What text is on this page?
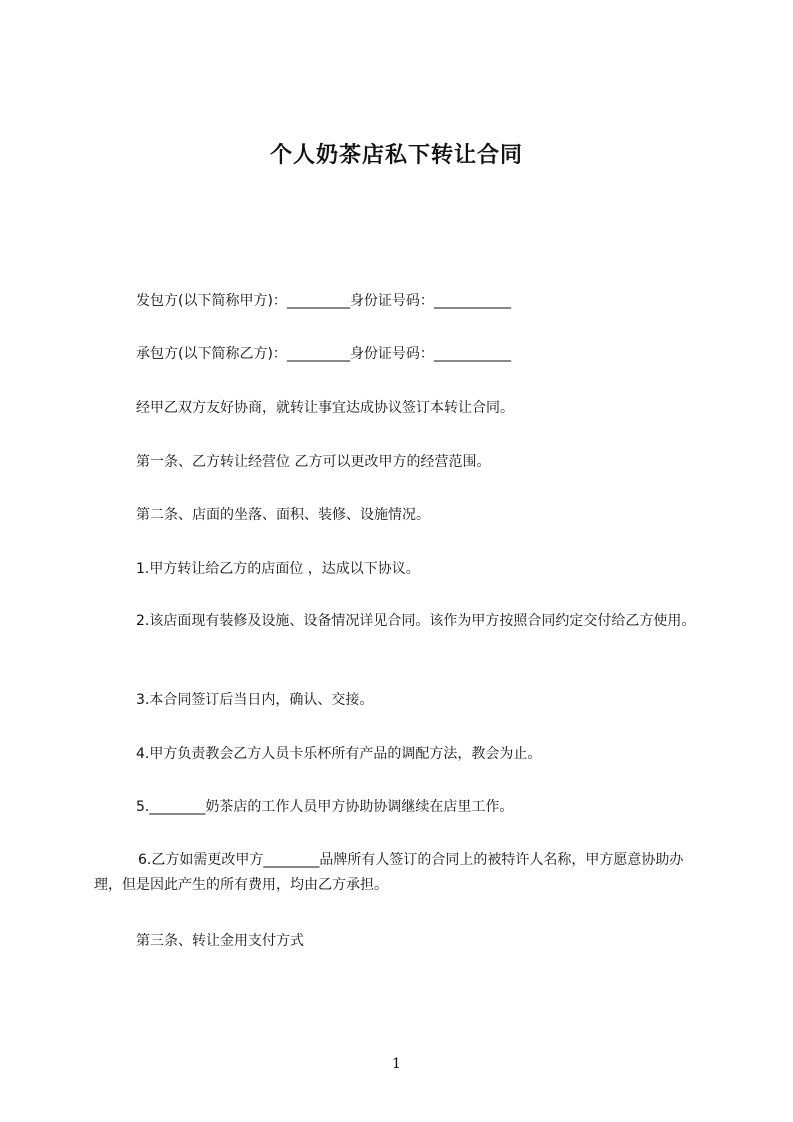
个人奶茶店私下转让合同

发包方(以下简称甲方)：_________身份证号码：___________

承包方(以下简称乙方)：_________身份证号码：___________

经甲乙双方友好协商，就转让事宜达成协议签订本转让合同。

第一条、乙方转让经营位 乙方可以更改甲方的经营范围。

第二条、店面的坐落、面积、装修、设施情况。

1.甲方转让给乙方的店面位 ，达成以下协议。

2.该店面现有装修及设施、设备情况详见合同。该作为甲方按照合同约定交付给乙方使用。

3.本合同签订后当日内，确认、交接。

4.甲方负责教会乙方人员卡乐杯所有产品的调配方法，教会为止。

5.________奶茶店的工作人员甲方协助协调继续在店里工作。

6.乙方如需更改甲方________品牌所有人签订的合同上的被特许人名称，甲方愿意协助办理，但是因此产生的所有费用，均由乙方承担。

第三条、转让金用支付方式

1
